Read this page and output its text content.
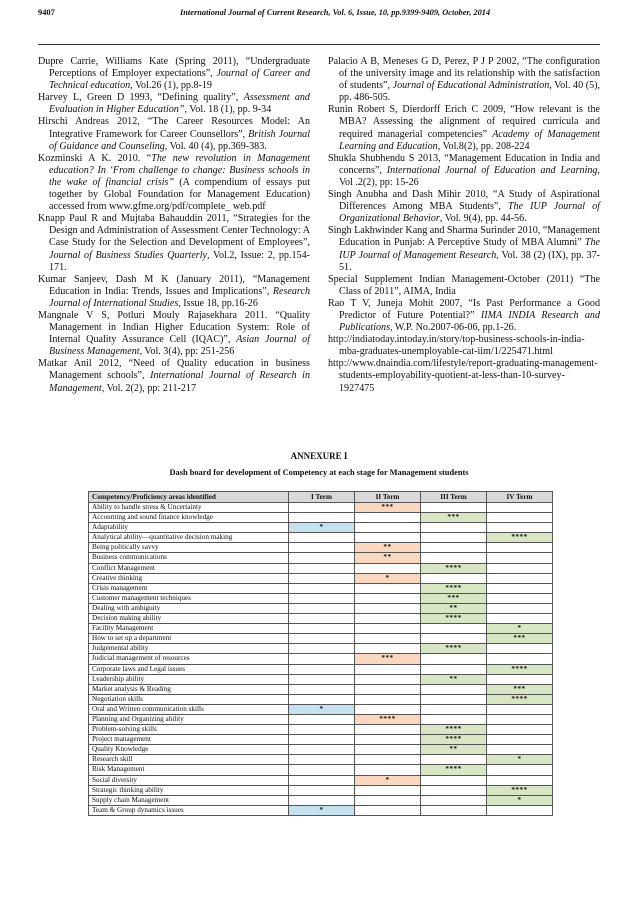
9407	International Journal of Current Research, Vol. 6, Issue, 10, pp.9399-9409, October, 2014

Dupre Carrie, Williams Kate (Spring 2011), “Undergraduate Perceptions of Employer expectations”, Journal of Career and Technical education, Vol.26 (1), pp.8-19

Harvey L, Green D 1993, “Defining quality”, Assessment and Evaluation in Higher Education”, Vol. 18 (1), pp. 9-34

Hirschi Andreas 2012, “The Career Resources Model: An Integrative Framework for Career Counsellors”, British Journal of Guidance and Counseling, Vol. 40 (4), pp.369-383.

Kozminski A K. 2010. “The new revolution in Management education? In ‘From challenge to change: Business schools in the wake of financial crisis” (A compendium of essays put together by Global Foundation for Management Education) accessed from www.gfme.org/pdf/complete_ web.pdf

Knapp Paul R and Mujtaba Bahauddin 2011, “Strategies for the Design and Administration of Assessment Center Technology: A Case Study for the Selection and Development of Employees”, Journal of Business Studies Quarterly, Vol.2, Issue: 2, pp.154-171.

Kumar Sanjeev, Dash M K (January 2011), “Management Education in India: Trends, Issues and Implications”, Research Journal of International Studies, Issue 18, pp.16-26

Mangnale V S, Potluri Mouly Rajasekhara 2011. “Quality Management in Indian Higher Education System: Role of Internal Quality Assurance Cell (IQAC)”, Asian Journal of Business Management, Vol. 3(4), pp: 251-256

Matkar Anil 2012, “Need of Quality education in business Management schools”, International Journal of Research in Management, Vol. 2(2), pp: 211-217

Palacio A B, Meneses G D, Perez, P J P 2002, “The configuration of the university image and its relationship with the satisfaction of students”, Journal of Educational Administration, Vol. 40 (5), pp. 486-505.

Runin Robert S, Dierdorff Erich C 2009, “How relevant is the MBA? Assessing the alignment of required curricula and required managerial competencies” Academy of Management Learning and Education, Vol.8(2), pp. 208-224

Shukla Shubhendu S 2013, “Management Education in India and concerns”, International Journal of Education and Learning, Vol .2(2), pp: 15-26

Singh Anubha and Dash Mihir 2010, “A Study of Aspirational Differences Among MBA Students”, The IUP Journal of Organizational Behavior, Vol. 9(4), pp. 44-56.

Singh Lakhwinder Kang and Sharma Surinder 2010, “Management Education in Punjab: A Perceptive Study of MBA Alumni” The IUP Journal of Management Research, Vol. 38 (2) (IX), pp. 37-51.

Special Supplement Indian Management-October (2011) “The Class of 2011”, AIMA, India

Rao T V, Juneja Mohit 2007, “Is Past Performance a Good Predictor of Future Potential?” IIMA INDIA Research and Publications, W.P. No.2007-06-06, pp.1-26.

http://indiatoday.intoday.in/story/top-business-schools-in-india-mba-graduates-unemployable-cat-iim/1/225471.html

http://www.dnaindia.com/lifestyle/report-graduating-management-students-employability-quotient-at-less-than-10-survey-1927475

ANNEXURE I
Dash board for development of Competency at each stage for Management students
Competency/Proficiency areas identified	I Term	II Term	III Term	IV Term
Ability to handle stress & Uncertainty		***		
Accounting and sound finance knowledge			***	
Adaptability	*			
Analytical ability—quantitative decision making				****
Being politically savvy		**		
Business communications		**		
Conflict Management			****	
Creative thinking		*		
Crisis management			****	
Customer management techniques			***	
Dealing with ambiguity			**	
Decision making ability			****	
Facility Management				*
How to set up a department				***
Judgemental ability			****	
Judicial management of resources		***		
Corporate laws and Legal issues				****
Leadership ability			**	
Market analysis & Reading				***
Negotiation skills				****
Oral and Written communication skills	*			
Planning and Organizing ability		****		
Problem-solving skills			****	
Project management			****	
Quality Knowledge			**	
Research skill				*
Risk Management			****	
Social diversity		*		
Strategic thinking ability				****
Supply chain Management				*
Team & Group dynamics issues	*			
